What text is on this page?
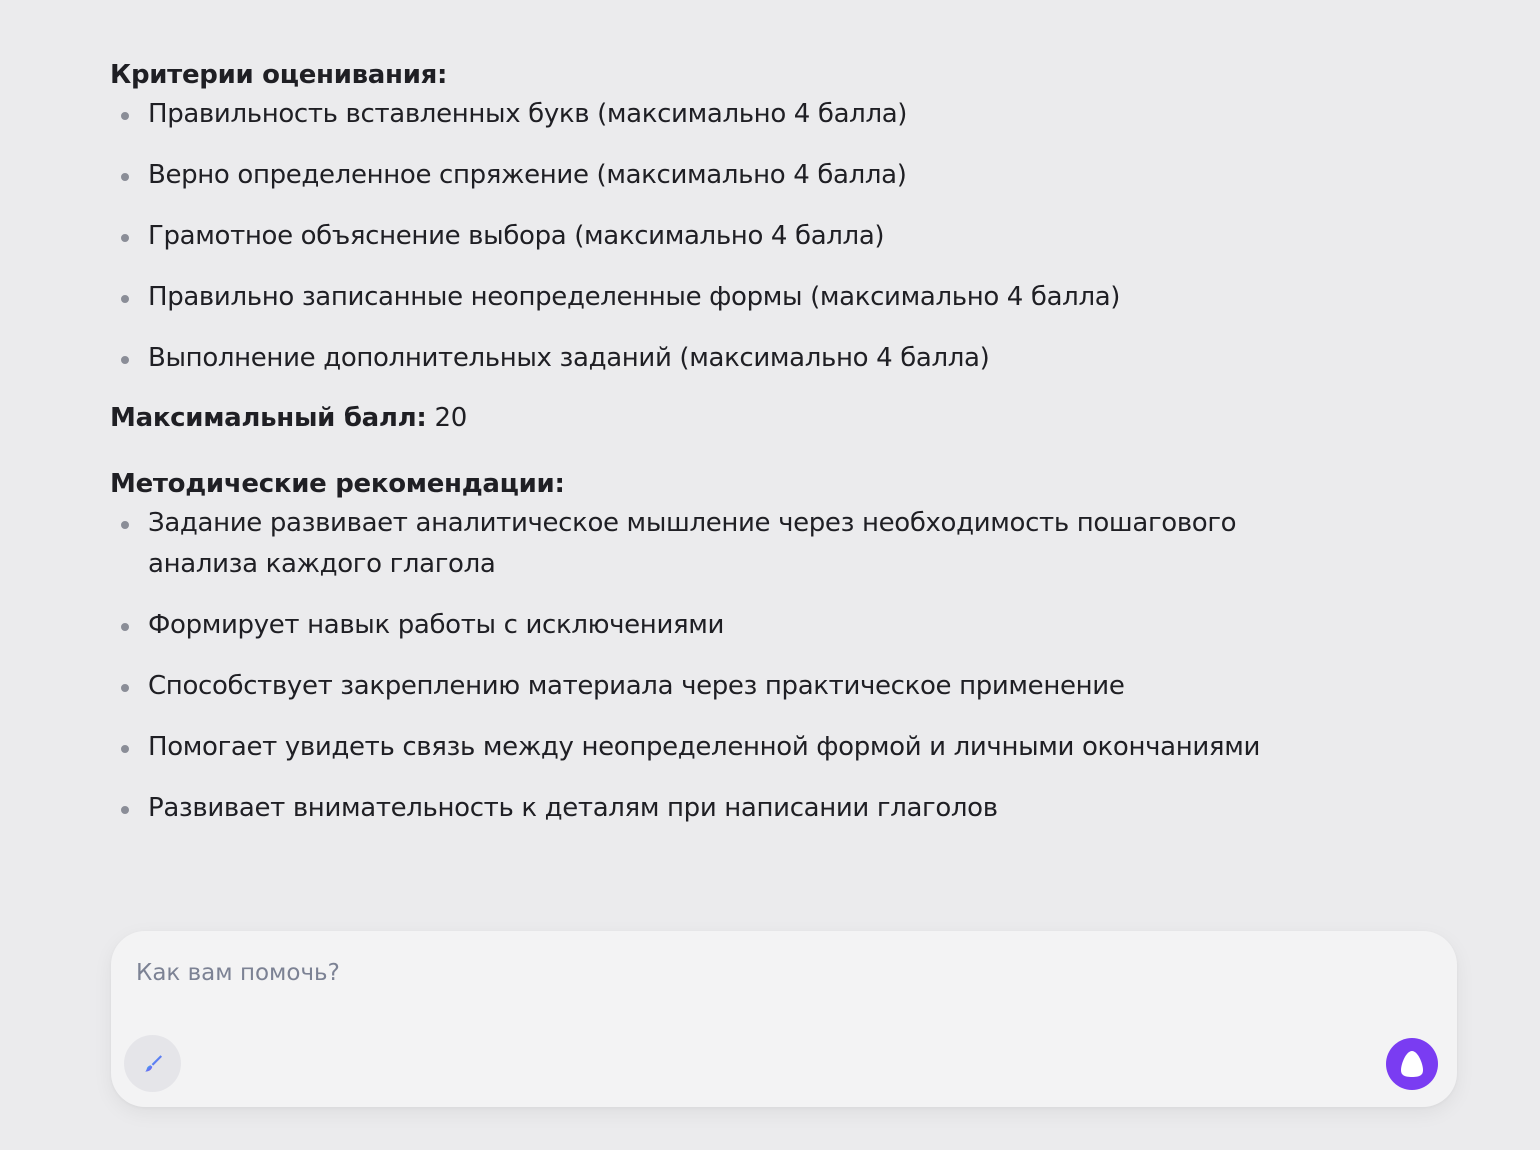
Критерии оценивания:

Правильность вставленных букв (максимально 4 балла)
Верно определенное спряжение (максимально 4 балла)
Грамотное объяснение выбора (максимально 4 балла)
Правильно записанные неопределенные формы (максимально 4 балла)
Выполнение дополнительных заданий (максимально 4 балла)

Максимальный балл: 20

Методические рекомендации:

Задание развивает аналитическое мышление через необходимость пошагового анализа каждого глагола
Формирует навык работы с исключениями
Способствует закреплению материала через практическое применение
Помогает увидеть связь между неопределенной формой и личными окончаниями
Развивает внимательность к деталям при написании глаголов
Как вам помочь?
